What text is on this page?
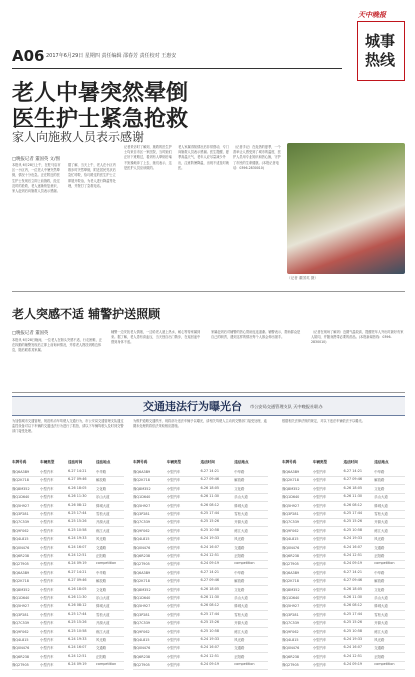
A06 2017年6月29日 星期四 责任编辑 邵春芳 责任校对 王惠安
天中晚报
城事热线
老人中暑突然晕倒
医生护士紧急抢救
家人向施救人员表示感谢
□晚报记者 董国英 文/图
本报讯 6月28日上午，在驻马店市区一小区内，一位老人中暑突然晕倒，情况十分危急。正在附近的医生护士发现后立即上前施救，经过及时的抢救，老人逐渐恢复意识，家人赶到后向施救人员表示感谢。
据了解，当天上午，老人在小区内散步时突然晕倒，附近居民见状后急忙呼救，恰巧路过的医生护士立即展开救治，为老人进行降温等处理，并拨打了急救电话。
记者采访时了解到，施救的医生护士均来自市区一家医院，当时她们正好下班路过，看到有人晕倒后毫不犹豫地冲了上去，她们表示，这是医护人员应该做的。
老人家属得知情况后非常感动，专门向施救人员表示感谢。医生提醒，夏季高温天气，老年人应尽量减少外出，注意防暑降温，出现不适及时就医。
（记者手记）在炎热的夏季，一个善举让人感受到了城市的温度，医护人员用专业知识和热心肠，守护了市民的生命健康。(本报记者电话：0396-2830010)
（记者 董国英 摄）
老人突感不适 辅警护送照顾
□晚报记者 董国英
本报讯 6月28日晚间，一位老人在街头突感不适，行走困难，正在执勤的辅警发现后立即上前询问情况，并将老人搀扶到路边休息，随后联系其家属。
辅警一边安抚老人情绪，一边给老人递上热水，耐心等待家属到来。据了解，老人患有高血压，当天独自出门散步，在返回途中感到身体不适。
家属赶到后对辅警的热心帮助连连道谢。辅警表示，帮助群众是自己的职责，遇到这样的情况每个人都会伸出援手。
（记者在现场了解到）近期气温较高，提醒老年人外出时最好有家人陪同，并随身携带必要的药品。(本报新闻热线：0396-2830010)
交通违法行为曝光台 市公安局交通管理支队 天中晚报社联办
为加强城市交通管理，规范机动车驾驶人交通行为，市公安局交通管理支队通过监控设备对以下车辆的交通违法行为进行了抓拍，请以下车辆驾驶人及时到交警部门接受处理。
为维护道路交通秩序，现将部分违法车辆予以曝光，请相关驾驶人主动到交警部门接受处理，逾期未处理的将依法采取相应措施。
根据相关法律法规的规定，对以下违法车辆依法予以曝光。
车牌号码	车辆类型	违法时间	违法地点
豫Q6A3B9	小型汽车	6-27 14:21	中华路
豫Q2K718	小型汽车	6-27 09:46	解放路
豫Q8M352	小型汽车	6-26 18:05	文化路
豫Q1D640	小型汽车	6-26 11:30	乐山大道
豫Q5H927	小型汽车	6-26 08:12	驿城大道
豫Q3P281	小型汽车	6-25 17:44	雪松大道
豫Q7C539	小型汽车	6-25 15:26	开源大道
豫Q9F062	小型汽车	6-25 10:58	练江大道
豫Q4L815	小型汽车	6-24 19:33	风光路
豫Q0N476	小型汽车	6-24 16:07	交通路
豫Q6R238	小型汽车	6-24 12:51	正阳路
豫Q2T905	小型汽车	6-24 09:19	competition
豫Q6A3B9	小型汽车	6-27 14:21	中华路
豫Q2K718	小型汽车	6-27 09:46	解放路
豫Q8M352	小型汽车	6-26 18:05	文化路
豫Q1D640	小型汽车	6-26 11:30	乐山大道
豫Q5H927	小型汽车	6-26 08:12	驿城大道
豫Q3P281	小型汽车	6-25 17:44	雪松大道
豫Q7C539	小型汽车	6-25 15:26	开源大道
豫Q9F062	小型汽车	6-25 10:58	练江大道
豫Q4L815	小型汽车	6-24 19:33	风光路
豫Q0N476	小型汽车	6-24 16:07	交通路
豫Q6R238	小型汽车	6-24 12:51	正阳路
豫Q2T905	小型汽车	6-24 09:19	competition
车牌号码	车辆类型	违法时间	违法地点
豫Q6A3B9	小型汽车	6-27 14:21	中华路
豫Q2K718	小型汽车	6-27 09:46	解放路
豫Q8M352	小型汽车	6-26 18:05	文化路
豫Q1D640	小型汽车	6-26 11:30	乐山大道
豫Q5H927	小型汽车	6-26 08:12	驿城大道
豫Q3P281	小型汽车	6-25 17:44	雪松大道
豫Q7C539	小型汽车	6-25 15:26	开源大道
豫Q9F062	小型汽车	6-25 10:58	练江大道
豫Q4L815	小型汽车	6-24 19:33	风光路
豫Q0N476	小型汽车	6-24 16:07	交通路
豫Q6R238	小型汽车	6-24 12:51	正阳路
豫Q2T905	小型汽车	6-24 09:19	competition
豫Q6A3B9	小型汽车	6-27 14:21	中华路
豫Q2K718	小型汽车	6-27 09:46	解放路
豫Q8M352	小型汽车	6-26 18:05	文化路
豫Q1D640	小型汽车	6-26 11:30	乐山大道
豫Q5H927	小型汽车	6-26 08:12	驿城大道
豫Q3P281	小型汽车	6-25 17:44	雪松大道
豫Q7C539	小型汽车	6-25 15:26	开源大道
豫Q9F062	小型汽车	6-25 10:58	练江大道
豫Q4L815	小型汽车	6-24 19:33	风光路
豫Q0N476	小型汽车	6-24 16:07	交通路
豫Q6R238	小型汽车	6-24 12:51	正阳路
豫Q2T905	小型汽车	6-24 09:19	competition
车牌号码	车辆类型	违法时间	违法地点
豫Q6A3B9	小型汽车	6-27 14:21	中华路
豫Q2K718	小型汽车	6-27 09:46	解放路
豫Q8M352	小型汽车	6-26 18:05	文化路
豫Q1D640	小型汽车	6-26 11:30	乐山大道
豫Q5H927	小型汽车	6-26 08:12	驿城大道
豫Q3P281	小型汽车	6-25 17:44	雪松大道
豫Q7C539	小型汽车	6-25 15:26	开源大道
豫Q9F062	小型汽车	6-25 10:58	练江大道
豫Q4L815	小型汽车	6-24 19:33	风光路
豫Q0N476	小型汽车	6-24 16:07	交通路
豫Q6R238	小型汽车	6-24 12:51	正阳路
豫Q2T905	小型汽车	6-24 09:19	competition
豫Q6A3B9	小型汽车	6-27 14:21	中华路
豫Q2K718	小型汽车	6-27 09:46	解放路
豫Q8M352	小型汽车	6-26 18:05	文化路
豫Q1D640	小型汽车	6-26 11:30	乐山大道
豫Q5H927	小型汽车	6-26 08:12	驿城大道
豫Q3P281	小型汽车	6-25 17:44	雪松大道
豫Q7C539	小型汽车	6-25 15:26	开源大道
豫Q9F062	小型汽车	6-25 10:58	练江大道
豫Q4L815	小型汽车	6-24 19:33	风光路
豫Q0N476	小型汽车	6-24 16:07	交通路
豫Q6R238	小型汽车	6-24 12:51	正阳路
豫Q2T905	小型汽车	6-24 09:19	competition
